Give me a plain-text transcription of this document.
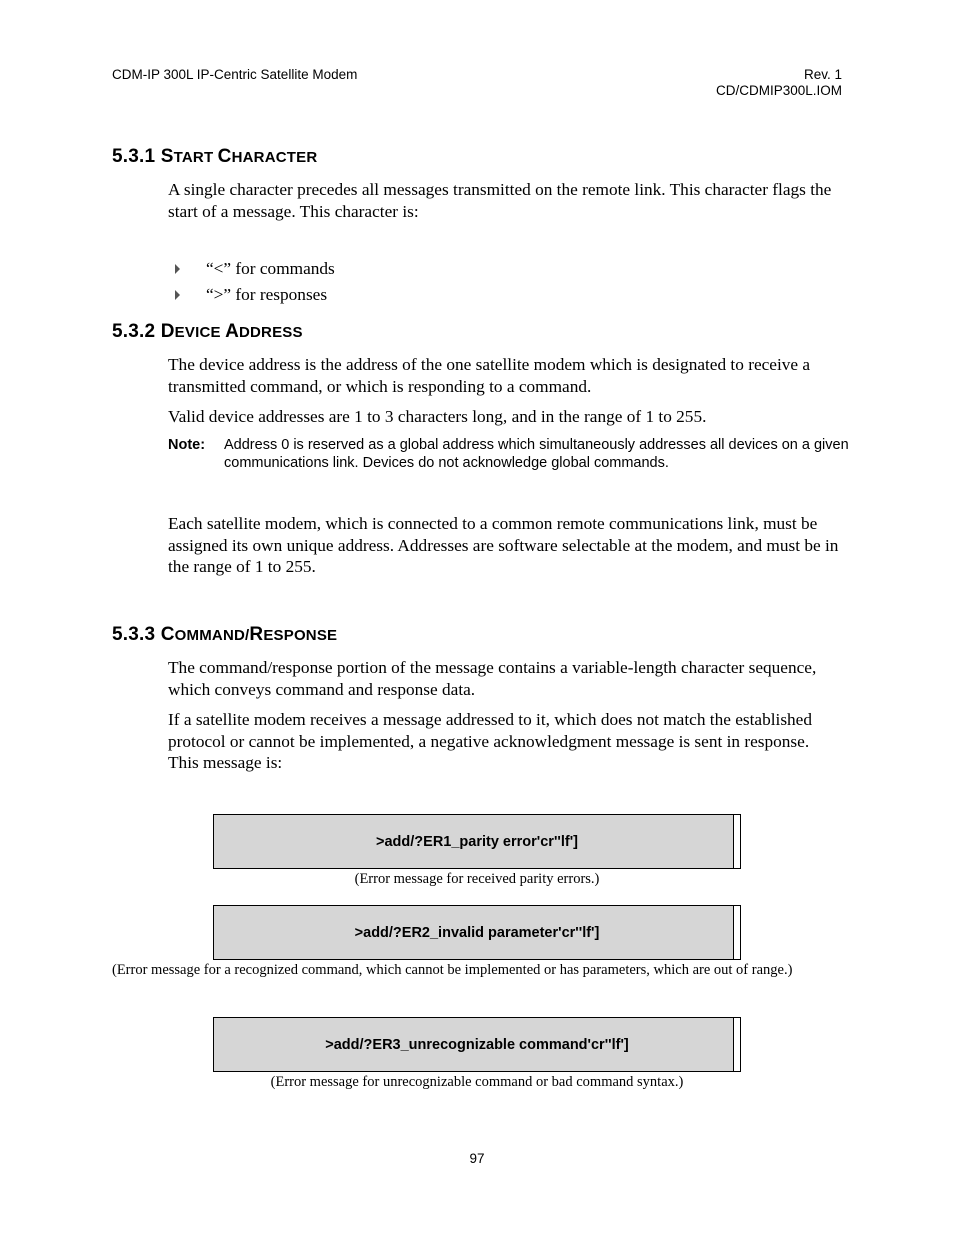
CDM-IP 300L IP-Centric Satellite Modem	Rev. 1
CD/CDMIP300L.IOM
5.3.1 START CHARACTER
A single character precedes all messages transmitted on the remote link. This character flags the start of a message. This character is:
“<” for commands
“>” for responses
5.3.2 DEVICE ADDRESS
The device address is the address of the one satellite modem which is designated to receive a transmitted command, or which is responding to a command.
Valid device addresses are 1 to 3 characters long, and in the range of 1 to 255.
Note: Address 0 is reserved as a global address which simultaneously addresses all devices on a given communications link. Devices do not acknowledge global commands.
Each satellite modem, which is connected to a common remote communications link, must be assigned its own unique address. Addresses are software selectable at the modem, and must be in the range of 1 to 255.
5.3.3 COMMAND/RESPONSE
The command/response portion of the message contains a variable-length character sequence, which conveys command and response data.
If a satellite modem receives a message addressed to it, which does not match the established protocol or cannot be implemented, a negative acknowledgment message is sent in response. This message is:
>add/?ER1_parity error'cr''lf']
(Error message for received parity errors.)
>add/?ER2_invalid parameter'cr''lf']
(Error message for a recognized command, which cannot be implemented or has parameters, which are out of range.)
>add/?ER3_unrecognizable command'cr''lf']
(Error message for unrecognizable command or bad command syntax.)
97
